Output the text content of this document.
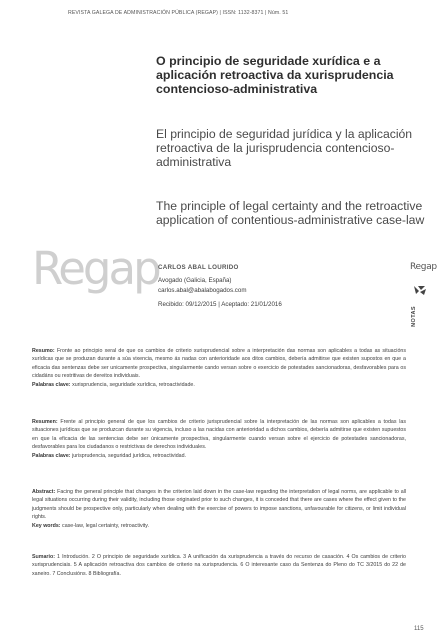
REVISTA GALEGA DE ADMINISTRACIÓN PÚBLICA (REGAP) | ISSN: 1132-8371 | Núm. 51
O principio de seguridade xurídica e a aplicación retroactiva da xurisprudencia contencioso-administrativa
El principio de seguridad jurídica y la aplicación retroactiva de la jurisprudencia contencioso-administrativa
The principle of legal certainty and the retroactive application of contentious-administrative case-law
Regap CARLOS ABAL LOURIDO
Avogado (Galicia, España)
carlos.abal@abalabogados.com
Recibido: 09/12/2015 | Aceptado: 21/01/2016
Regap
NOTAS
Resumo: Fronte ao principio xeral de que os cambios de criterio xurisprudencial sobre a interpretación das normas son aplicables a todas as situacións xurídicas que se produzan durante a súa vixencia, mesmo ás nadas con anterioridade aos ditos cambios, debería admitirse que existen supostos en que a eficacia das sentenzas debe ser unicamente prospectiva, singularmente cando versan sobre o exercicio de potestades sancionadoras, desfavorables para os cidadáns ou restritivas de dereitos individuais.
Palabras clave: xurisprudencia, seguridade xurídica, retroactividade.
Resumen: Frente al principio general de que los cambios de criterio jurisprudencial sobre la interpretación de las normas son aplicables a todas las situaciones jurídicas que se produzcan durante su vigencia, incluso a las nacidas con anterioridad a dichos cambios, debería admitirse que existen supuestos en que la eficacia de las sentencias debe ser únicamente prospectiva, singularmente cuando versan sobre el ejercicio de potestades sancionadoras, desfavorables para los ciudadanos o restrictivas de derechos individuales.
Palabras clave: jurisprudencia, seguridad jurídica, retroactividad.
Abstract: Facing the general principle that changes in the criterion laid down in the case-law regarding the interpretation of legal norms, are applicable to all legal situations occurring during their validity, including those originated prior to such changes, it is conceded that there are cases where the effect given to the judgments should be prospective only, particularly when dealing with the exercise of powers to impose sanctions, unfavourable for citizens, or limit individual rights.
Key words: case-law, legal certainty, retroactivity.
Sumario: 1 Introdución. 2 O principio de seguridade xurídica. 3 A unificación da xurisprudencia a través do recurso de casación. 4 Os cambios de criterio xurisprudenciais. 5 A aplicación retroactiva dos cambios de criterio na xurisprudencia. 6 O interesante caso da Sentenza do Pleno do TC 3/2015 do 22 de xaneiro. 7 Conclusións. 8 Bibliografía.
115
